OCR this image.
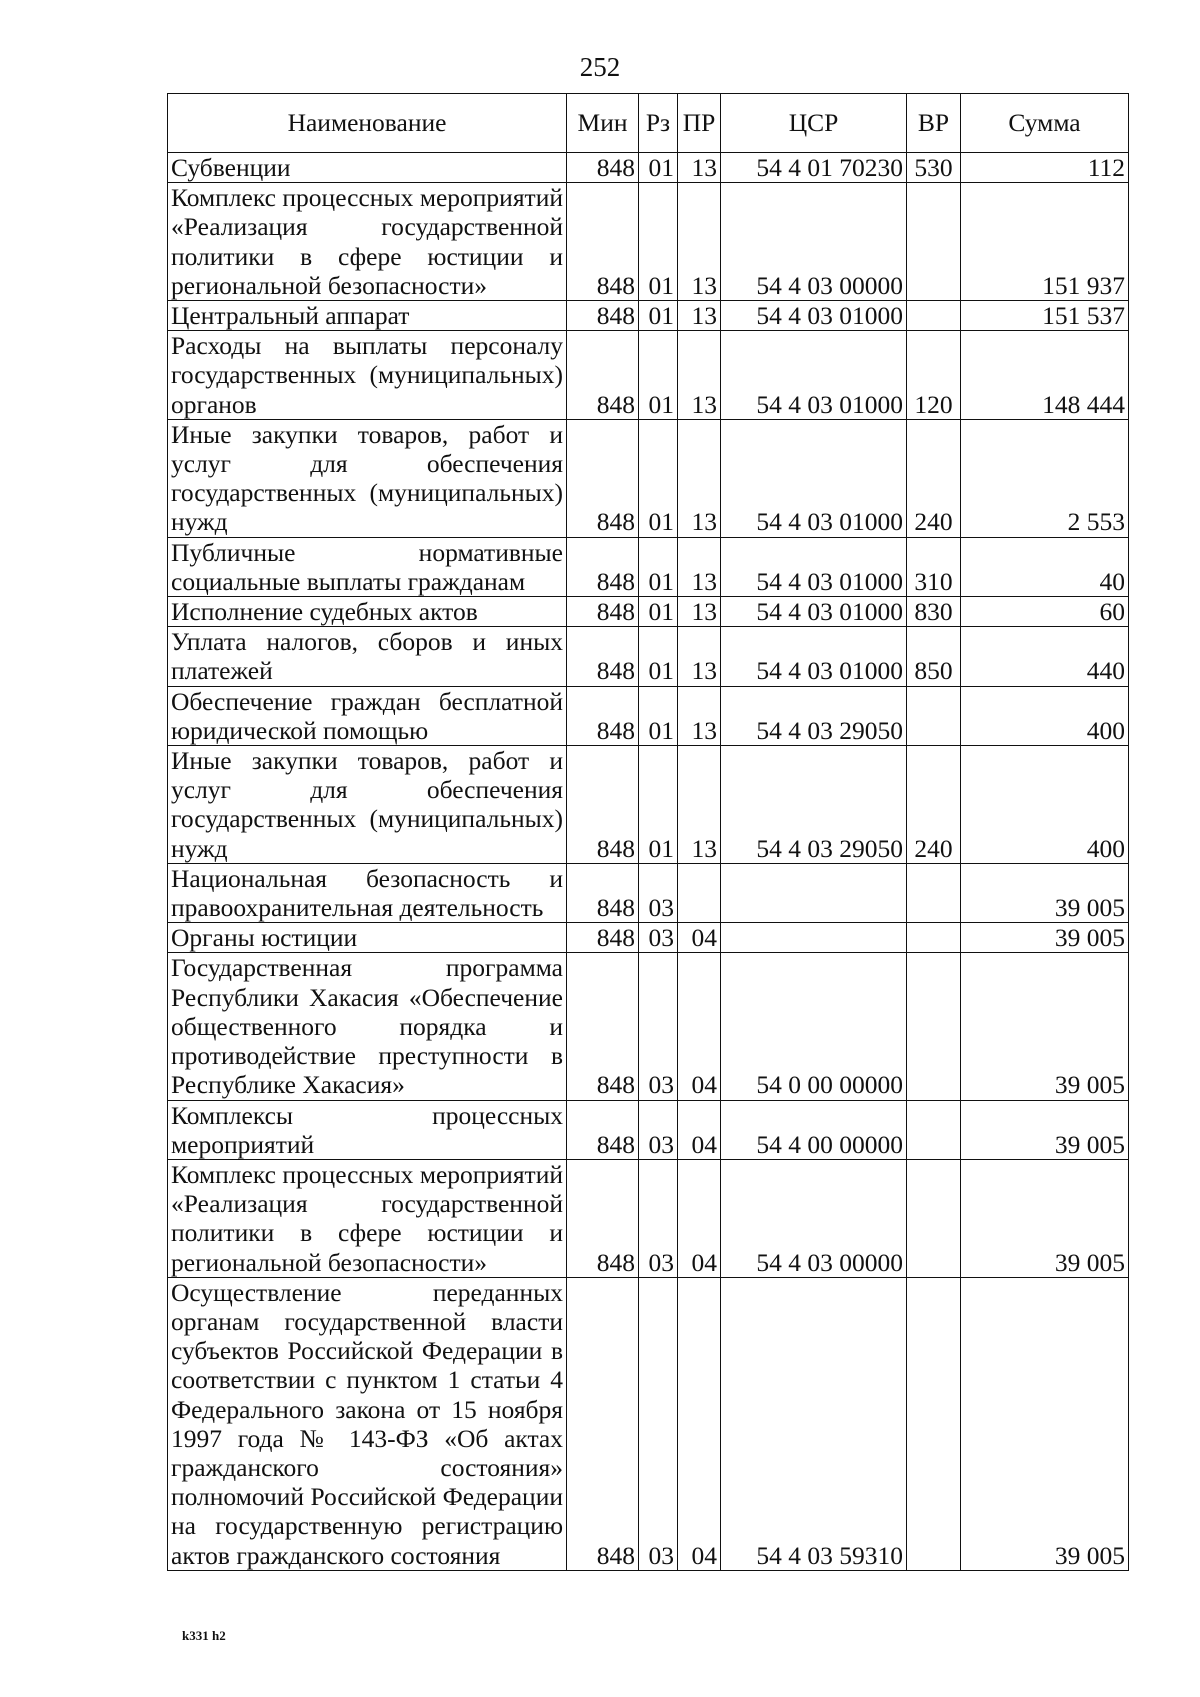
252
Наименование	Мин	Рз	ПР	ЦСР	ВР	Сумма
Субвенции	848	01	13	54 4 01 70230	530	112
Комплекс процессных мероприятий «Реализация государственной политики в сфере юстиции и региональной безопасности»	848	01	13	54 4 03 00000		151 937
Центральный аппарат	848	01	13	54 4 03 01000		151 537
Расходы на выплаты персоналу государственных (муниципальных) органов	848	01	13	54 4 03 01000	120	148 444
Иные закупки товаров, работ и услуг для обеспечения государственных (муниципальных) нужд	848	01	13	54 4 03 01000	240	2 553
Публичные нормативные социальные выплаты гражданам	848	01	13	54 4 03 01000	310	40
Исполнение судебных актов	848	01	13	54 4 03 01000	830	60
Уплата налогов, сборов и иных платежей	848	01	13	54 4 03 01000	850	440
Обеспечение граждан бесплатной юридической помощью	848	01	13	54 4 03 29050		400
Иные закупки товаров, работ и услуг для обеспечения государственных (муниципальных) нужд	848	01	13	54 4 03 29050	240	400
Национальная безопасность и правоохранительная деятельность	848	03				39 005
Органы юстиции	848	03	04			39 005
Государственная программа Республики Хакасия «Обеспечение общественного порядка и противодействие преступности в Республике Хакасия»	848	03	04	54 0 00 00000		39 005
Комплексы процессных мероприятий	848	03	04	54 4 00 00000		39 005
Комплекс процессных мероприятий «Реализация государственной политики в сфере юстиции и региональной безопасности»	848	03	04	54 4 03 00000		39 005
Осуществление переданных органам государственной власти субъектов Российской Федерации в соответствии с пунктом 1 статьи 4 Федерального закона от 15 ноября 1997 года № 143-ФЗ «Об актах гражданского состояния» полномочий Российской Федерации на государственную регистрацию актов гражданского состояния	848	03	04	54 4 03 59310		39 005
k331 h2
